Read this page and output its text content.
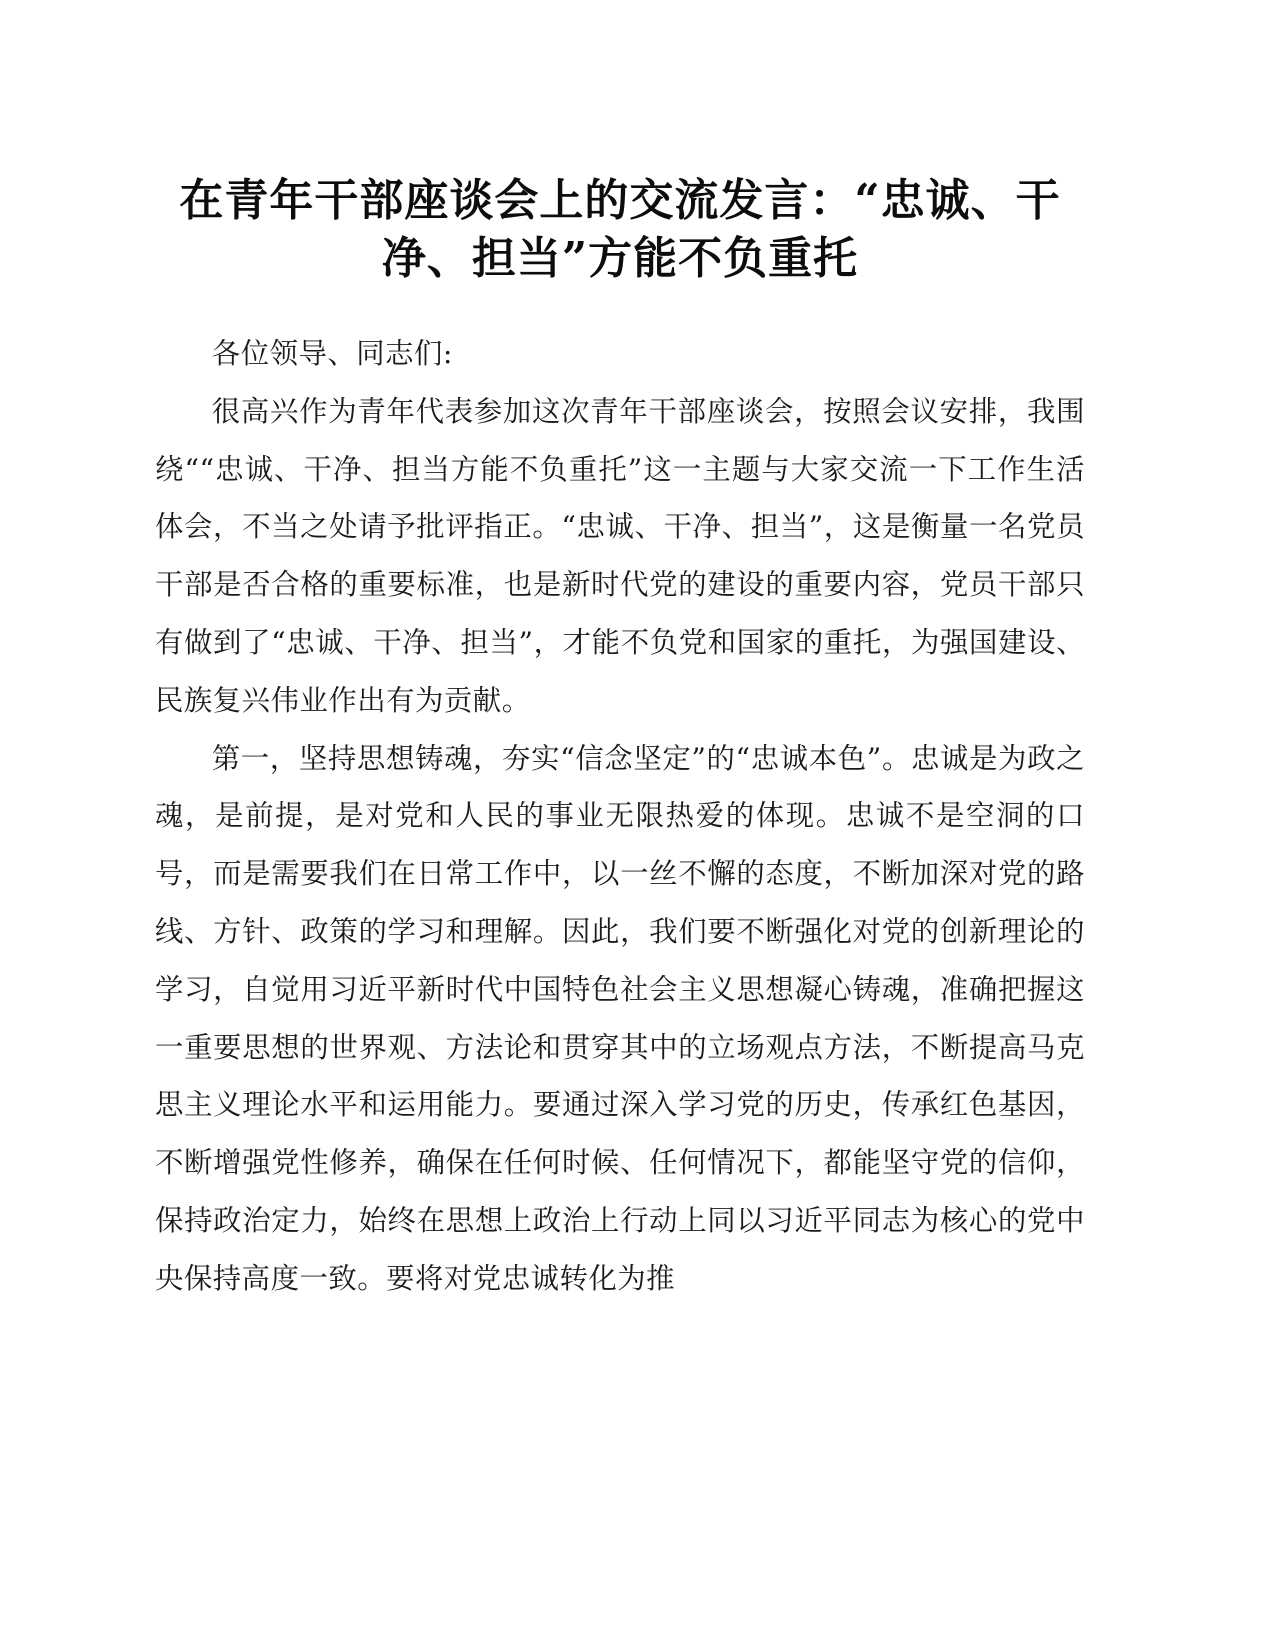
在青年干部座谈会上的交流发言：“忠诚、干净、担当”方能不负重托

各位领导、同志们:

很高兴作为青年代表参加这次青年干部座谈会，按照会议安排，我围绕““忠诚、干净、担当方能不负重托”这一主题与大家交流一下工作生活体会，不当之处请予批评指正。“忠诚、干净、担当”，这是衡量一名党员干部是否合格的重要标准，也是新时代党的建设的重要内容，党员干部只有做到了“忠诚、干净、担当”，才能不负党和国家的重托，为强国建设、民族复兴伟业作出有为贡献。

第一，坚持思想铸魂，夯实“信念坚定”的“忠诚本色”。忠诚是为政之魂，是前提，是对党和人民的事业无限热爱的体现。忠诚不是空洞的口号，而是需要我们在日常工作中，以一丝不懈的态度，不断加深对党的路线、方针、政策的学习和理解。因此，我们要不断强化对党的创新理论的学习，自觉用习近平新时代中国特色社会主义思想凝心铸魂，准确把握这一重要思想的世界观、方法论和贯穿其中的立场观点方法，不断提高马克思主义理论水平和运用能力。要通过深入学习党的历史，传承红色基因，不断增强党性修养，确保在任何时候、任何情况下，都能坚守党的信仰，保持政治定力，始终在思想上政治上行动上同以习近平同志为核心的党中央保持高度一致。要将对党忠诚转化为推
